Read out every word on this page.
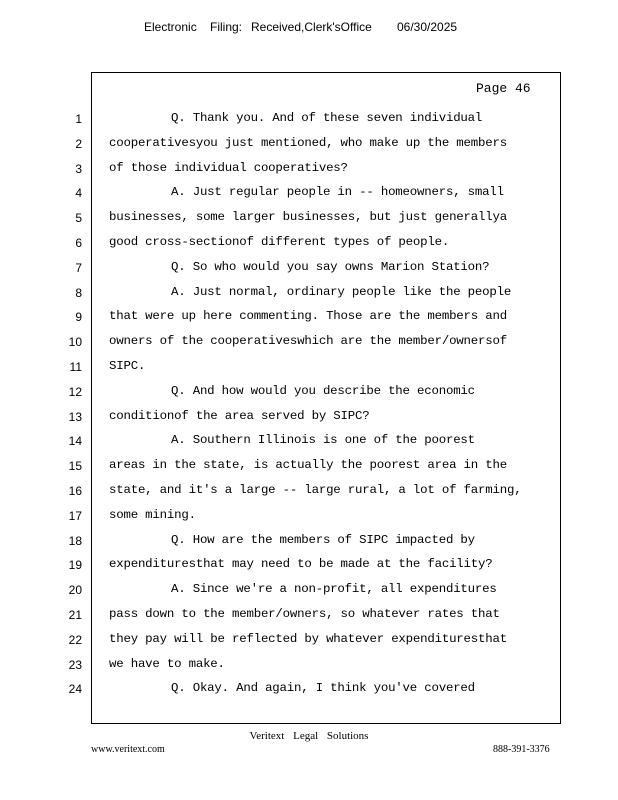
Electronic Filing: Received,Clerk'sOffice 06/30/2025
Page 46
1	Q. Thank you. And of these seven individual
2 cooperativesyou just mentioned, who make up the members
3 of those individual cooperatives?
4	A. Just regular people in -- homeowners, small
5 businesses, some larger businesses, but just generallya
6 good cross-sectionof different types of people.
7	Q. So who would you say owns Marion Station?
8	A. Just normal, ordinary people like the people
9 that were up here commenting. Those are the members and
10 owners of the cooperativeswhich are the member/ownersof
11 SIPC.
12	Q. And how would you describe the economic
13 conditionof the area served by SIPC?
14	A. Southern Illinois is one of the poorest
15 areas in the state, is actually the poorest area in the
16 state, and it's a large -- large rural, a lot of farming,
17 some mining.
18	Q. How are the members of SIPC impacted by
19 expendituresthat may need to be made at the facility?
20	A. Since we're a non-profit, all expenditures
21 pass down to the member/owners, so whatever rates that
22 they pay will be reflected by whatever expendituresthat
23 we have to make.
24	Q. Okay. And again, I think you've covered
Veritext Legal Solutions
www.veritext.com	888-391-3376
